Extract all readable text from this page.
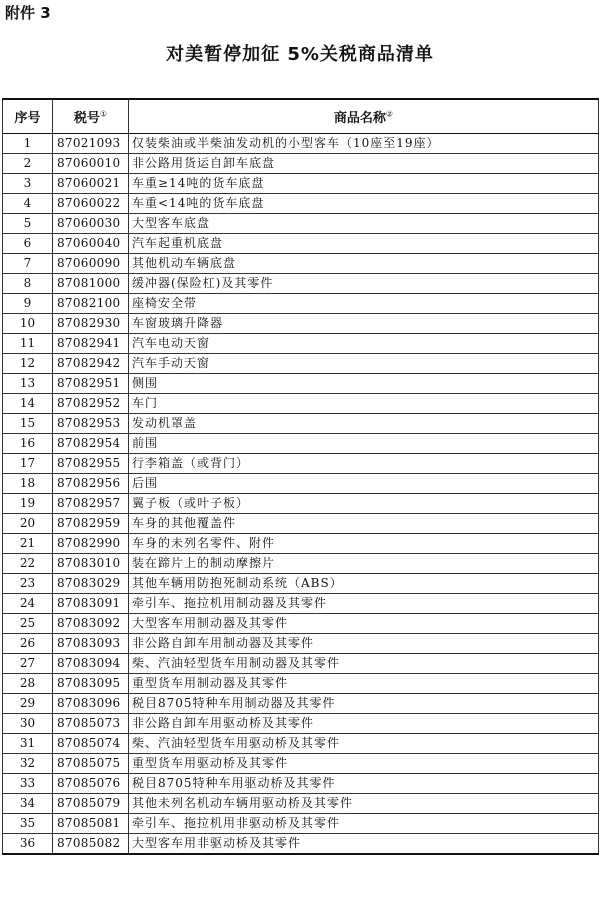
附件 3
对美暂停加征 5%关税商品清单
序号	税号①	商品名称②
1	87021093	仅装柴油或半柴油发动机的小型客车（10座至19座）
2	87060010	非公路用货运自卸车底盘
3	87060021	车重≥14吨的货车底盘
4	87060022	车重<14吨的货车底盘
5	87060030	大型客车底盘
6	87060040	汽车起重机底盘
7	87060090	其他机动车辆底盘
8	87081000	缓冲器(保险杠)及其零件
9	87082100	座椅安全带
10	87082930	车窗玻璃升降器
11	87082941	汽车电动天窗
12	87082942	汽车手动天窗
13	87082951	侧围
14	87082952	车门
15	87082953	发动机罩盖
16	87082954	前围
17	87082955	行李箱盖（或背门）
18	87082956	后围
19	87082957	翼子板（或叶子板）
20	87082959	车身的其他覆盖件
21	87082990	车身的未列名零件、附件
22	87083010	装在蹄片上的制动摩擦片
23	87083029	其他车辆用防抱死制动系统（ABS）
24	87083091	牵引车、拖拉机用制动器及其零件
25	87083092	大型客车用制动器及其零件
26	87083093	非公路自卸车用制动器及其零件
27	87083094	柴、汽油轻型货车用制动器及其零件
28	87083095	重型货车用制动器及其零件
29	87083096	税目8705特种车用制动器及其零件
30	87085073	非公路自卸车用驱动桥及其零件
31	87085074	柴、汽油轻型货车用驱动桥及其零件
32	87085075	重型货车用驱动桥及其零件
33	87085076	税目8705特种车用驱动桥及其零件
34	87085079	其他未列名机动车辆用驱动桥及其零件
35	87085081	牵引车、拖拉机用非驱动桥及其零件
36	87085082	大型客车用非驱动桥及其零件
